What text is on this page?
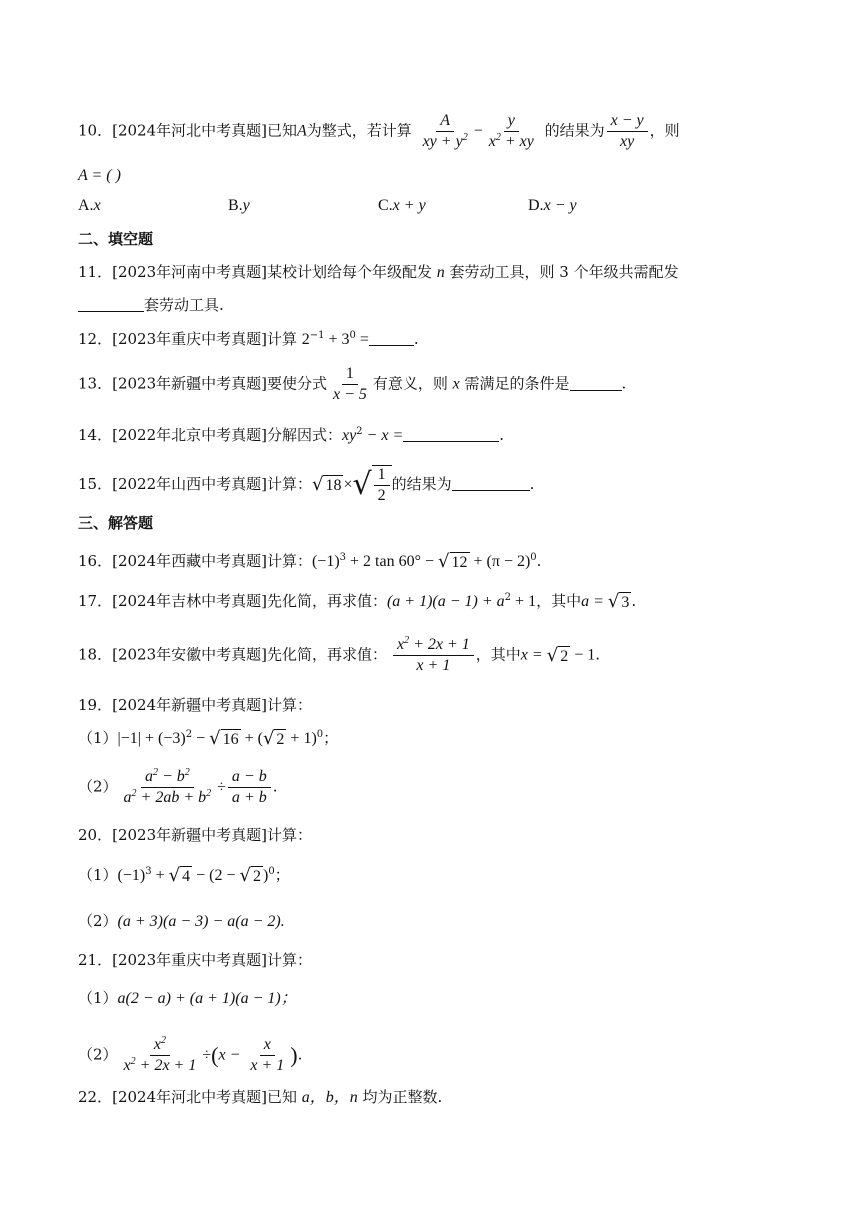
10．[2024年河北中考真题]已知A为整式，若计算 $\frac{A}{xy + y^2} - \frac{y}{x^2 + xy}$ 的结果为 $\frac{x - y}{xy}$ ，则
A = ( )
A.x	B.y	C.x + y	D.x − y
二、填空题
11．[2023年河南中考真题]某校计划给每个年级配发 n 套劳动工具，则 3 个年级共需配发
套劳动工具.
12．[2023年重庆中考真题]计算 $2^{-1} + 3^0$ =	.
13．[2023年新疆中考真题]要使分式 $\frac{1}{x - 5}$ 有意义，则 x 需满足的条件是	.
14．[2022年北京中考真题]分解因式：$xy^2 - x$ =	.
15．[2022年山西中考真题]计算： √ 18 × √ $\frac{1}{2}$ 的结果为	.
三、解答题
16．[2024年西藏中考真题]计算：$(-1)^3 + 2$ tan 60° − √ $12 + (\pi - 2)^0$.
17．[2024年吉林中考真题]先化简，再求值：$(a + 1)(a - 1) + a^2 + 1$，其中a = √ 3 .
18．[2023年安徽中考真题]先化简，再求值： $\frac{x^2 + 2x + 1}{x + 1}$ ，其中x = √ 2 − 1.
19．[2024年新疆中考真题]计算：
$(1)|-1| + (-3)^2$ − √ 16 + ( √ 2 + 1)$^0$；
$(2) \frac{a^2 - b^2}{a^2 + 2ab + b^2} \div \frac{a - b}{a + b}$ .
20．[2023年新疆中考真题]计算：
$(1)(-1)^3$ + √ 4 − (2 − √ 2 )$^0$；
（2）(a + 3)(a − 3) − a(a − 2).
21．[2023年重庆中考真题]计算：
（1）a(2 − a) + (a + 1)(a − 1)；
$(2) \frac{x^2}{x^2 + 2x + 1} \div(x - \frac{x}{x + 1}$ ).
22．[2024年河北中考真题]已知 a，b，n 均为正整数.
